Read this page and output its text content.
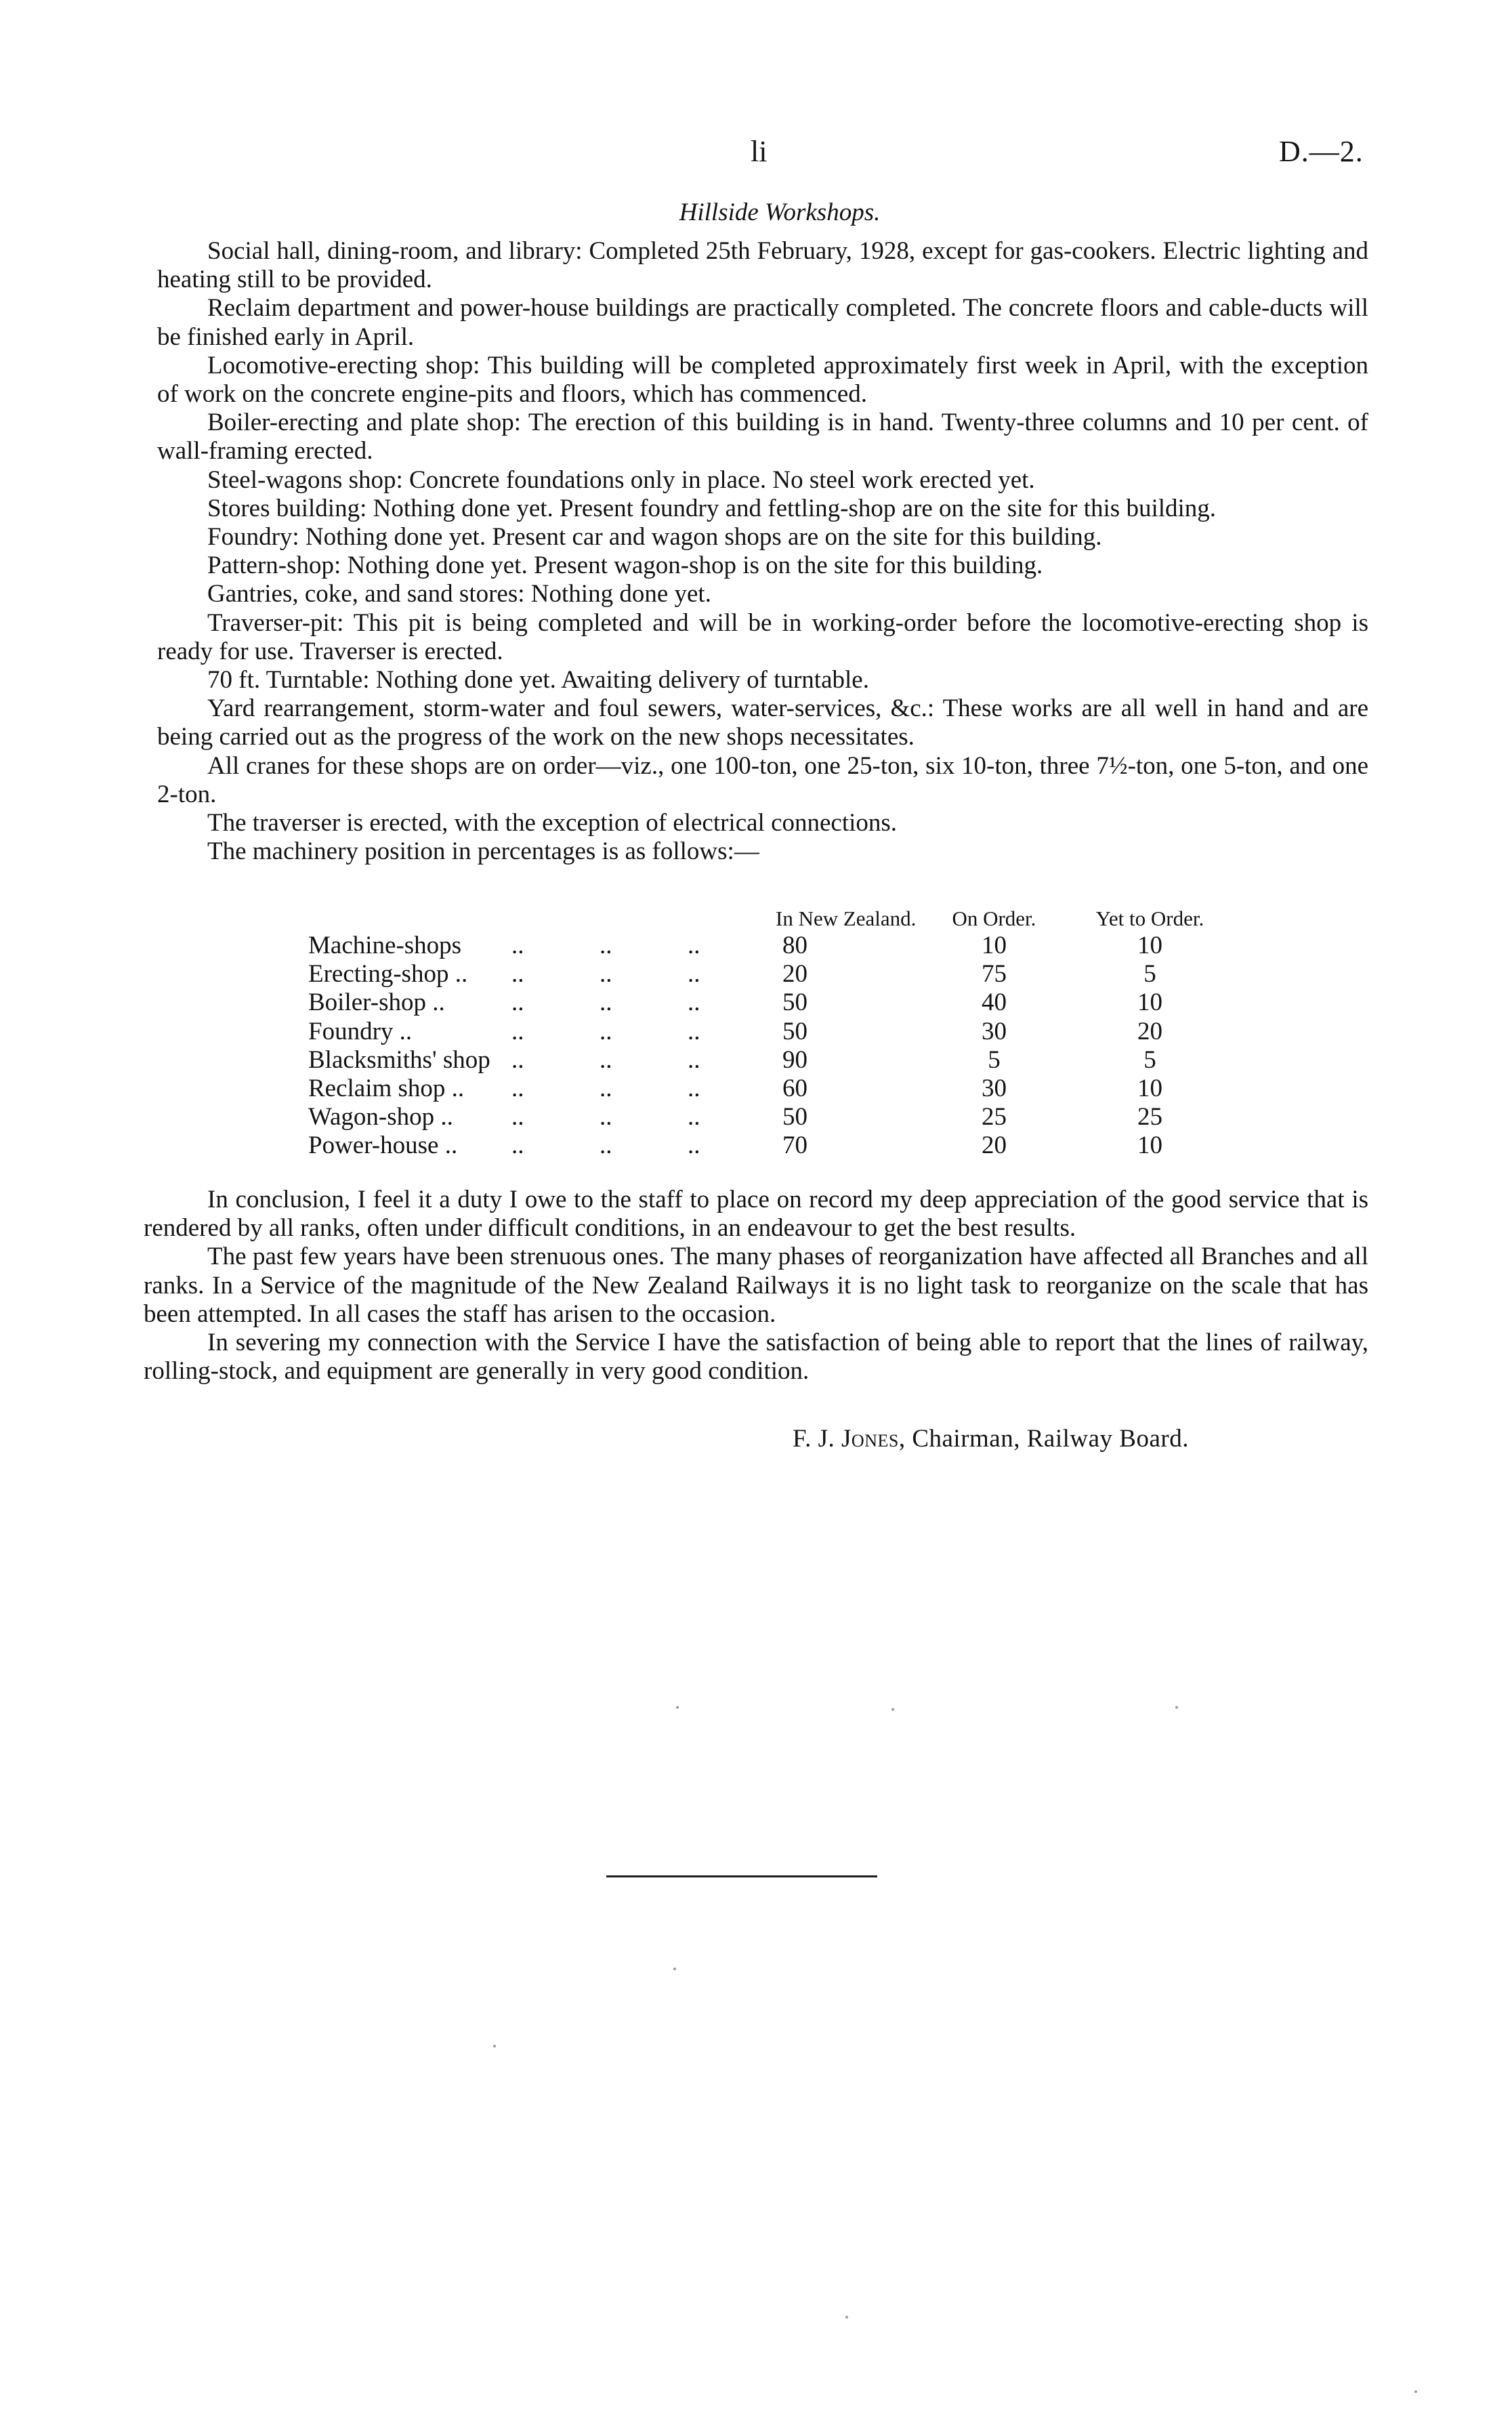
li	D.—2.
Hillside Workshops.

Social hall, dining-room, and library: Completed 25th February, 1928, except for gas-cookers. Electric lighting and heating still to be provided.

Reclaim department and power-house buildings are practically completed. The concrete floors and cable-ducts will be finished early in April.

Locomotive-erecting shop: This building will be completed approximately first week in April, with the exception of work on the concrete engine-pits and floors, which has commenced.

Boiler-erecting and plate shop: The erection of this building is in hand. Twenty-three columns and 10 per cent. of wall-framing erected.

Steel-wagons shop: Concrete foundations only in place. No steel work erected yet.

Stores building: Nothing done yet. Present foundry and fettling-shop are on the site for this building.

Foundry: Nothing done yet. Present car and wagon shops are on the site for this building.

Pattern-shop: Nothing done yet. Present wagon-shop is on the site for this building.

Gantries, coke, and sand stores: Nothing done yet.

Traverser-pit: This pit is being completed and will be in working-order before the locomotive-erecting shop is ready for use. Traverser is erected.

70 ft. Turntable: Nothing done yet. Awaiting delivery of turntable.

Yard rearrangement, storm-water and foul sewers, water-services, &c.: These works are all well in hand and are being carried out as the progress of the work on the new shops necessitates.

All cranes for these shops are on order—viz., one 100-ton, one 25-ton, six 10-ton, three 7½-ton, one 5-ton, and one 2-ton.

The traverser is erected, with the exception of electrical connections.

The machinery position in percentages is as follows:—

		In New Zealand.	On Order.	Yet to Order.
Machine-shops	.. .. ..	80	10	10
Erecting-shop ..	.. .. ..	20	75	5
Boiler-shop ..	.. .. ..	50	40	10
Foundry ..	.. .. ..	50	30	20
Blacksmiths' shop	.. .. ..	90	5	5
Reclaim shop ..	.. .. ..	60	30	10
Wagon-shop ..	.. .. ..	50	25	25
Power-house ..	.. .. ..	70	20	10

In conclusion, I feel it a duty I owe to the staff to place on record my deep appreciation of the good service that is rendered by all ranks, often under difficult conditions, in an endeavour to get the best results.

The past few years have been strenuous ones. The many phases of reorganization have affected all Branches and all ranks. In a Service of the magnitude of the New Zealand Railways it is no light task to reorganize on the scale that has been attempted. In all cases the staff has arisen to the occasion.

In severing my connection with the Service I have the satisfaction of being able to report that the lines of railway, rolling-stock, and equipment are generally in very good condition.

F. J. Jones, Chairman, Railway Board.
